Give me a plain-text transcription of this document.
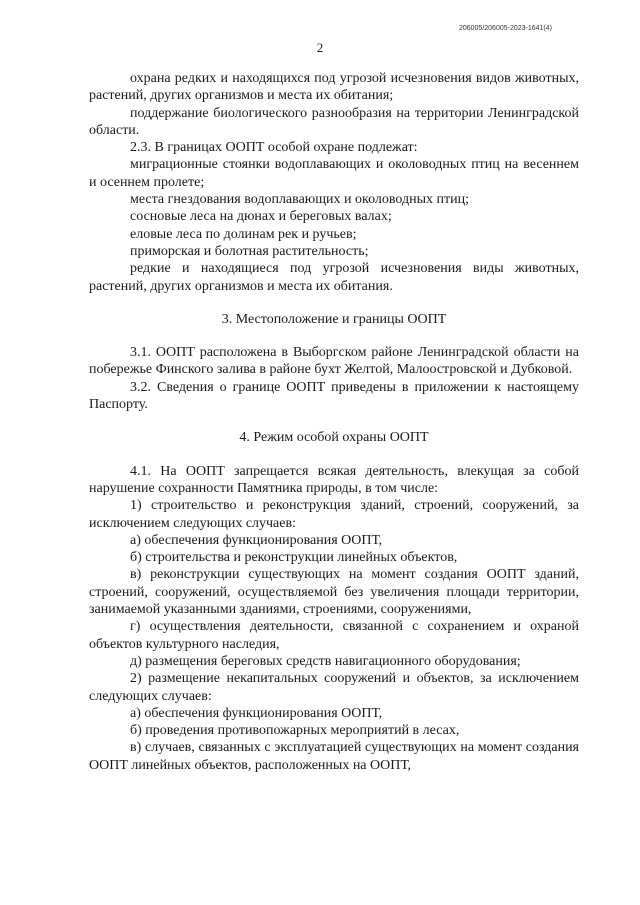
206005/206005-2023-1641(4)
2

охрана редких и находящихся под угрозой исчезновения видов животных, растений, других организмов и места их обитания;

поддержание биологического разнообразия на территории Ленинградской области.

2.3. В границах ООПТ особой охране подлежат:

миграционные стоянки водоплавающих и околоводных птиц на весеннем и осеннем пролете;

места гнездования водоплавающих и околоводных птиц;

сосновые леса на дюнах и береговых валах;

еловые леса по долинам рек и ручьев;

приморская и болотная растительность;

редкие и находящиеся под угрозой исчезновения виды животных, растений, других организмов и места их обитания.

3. Местоположение и границы ООПТ

3.1. ООПТ расположена в Выборгском районе Ленинградской области на побережье Финского залива в районе бухт Желтой, Малоостровской и Дубковой.

3.2. Сведения о границе ООПТ приведены в приложении к настоящему Паспорту.

4. Режим особой охраны ООПТ

4.1. На ООПТ запрещается всякая деятельность, влекущая за собой нарушение сохранности Памятника природы, в том числе:

1) строительство и реконструкция зданий, строений, сооружений, за исключением следующих случаев:

а) обеспечения функционирования ООПТ,

б) строительства и реконструкции линейных объектов,

в) реконструкции существующих на момент создания ООПТ зданий, строений, сооружений, осуществляемой без увеличения площади территории, занимаемой указанными зданиями, строениями, сооружениями,

г) осуществления деятельности, связанной с сохранением и охраной объектов культурного наследия,

д) размещения береговых средств навигационного оборудования;

2) размещение некапитальных сооружений и объектов, за исключением следующих случаев:

а) обеспечения функционирования ООПТ,

б) проведения противопожарных мероприятий в лесах,

в) случаев, связанных с эксплуатацией существующих на момент создания ООПТ линейных объектов, расположенных на ООПТ,
